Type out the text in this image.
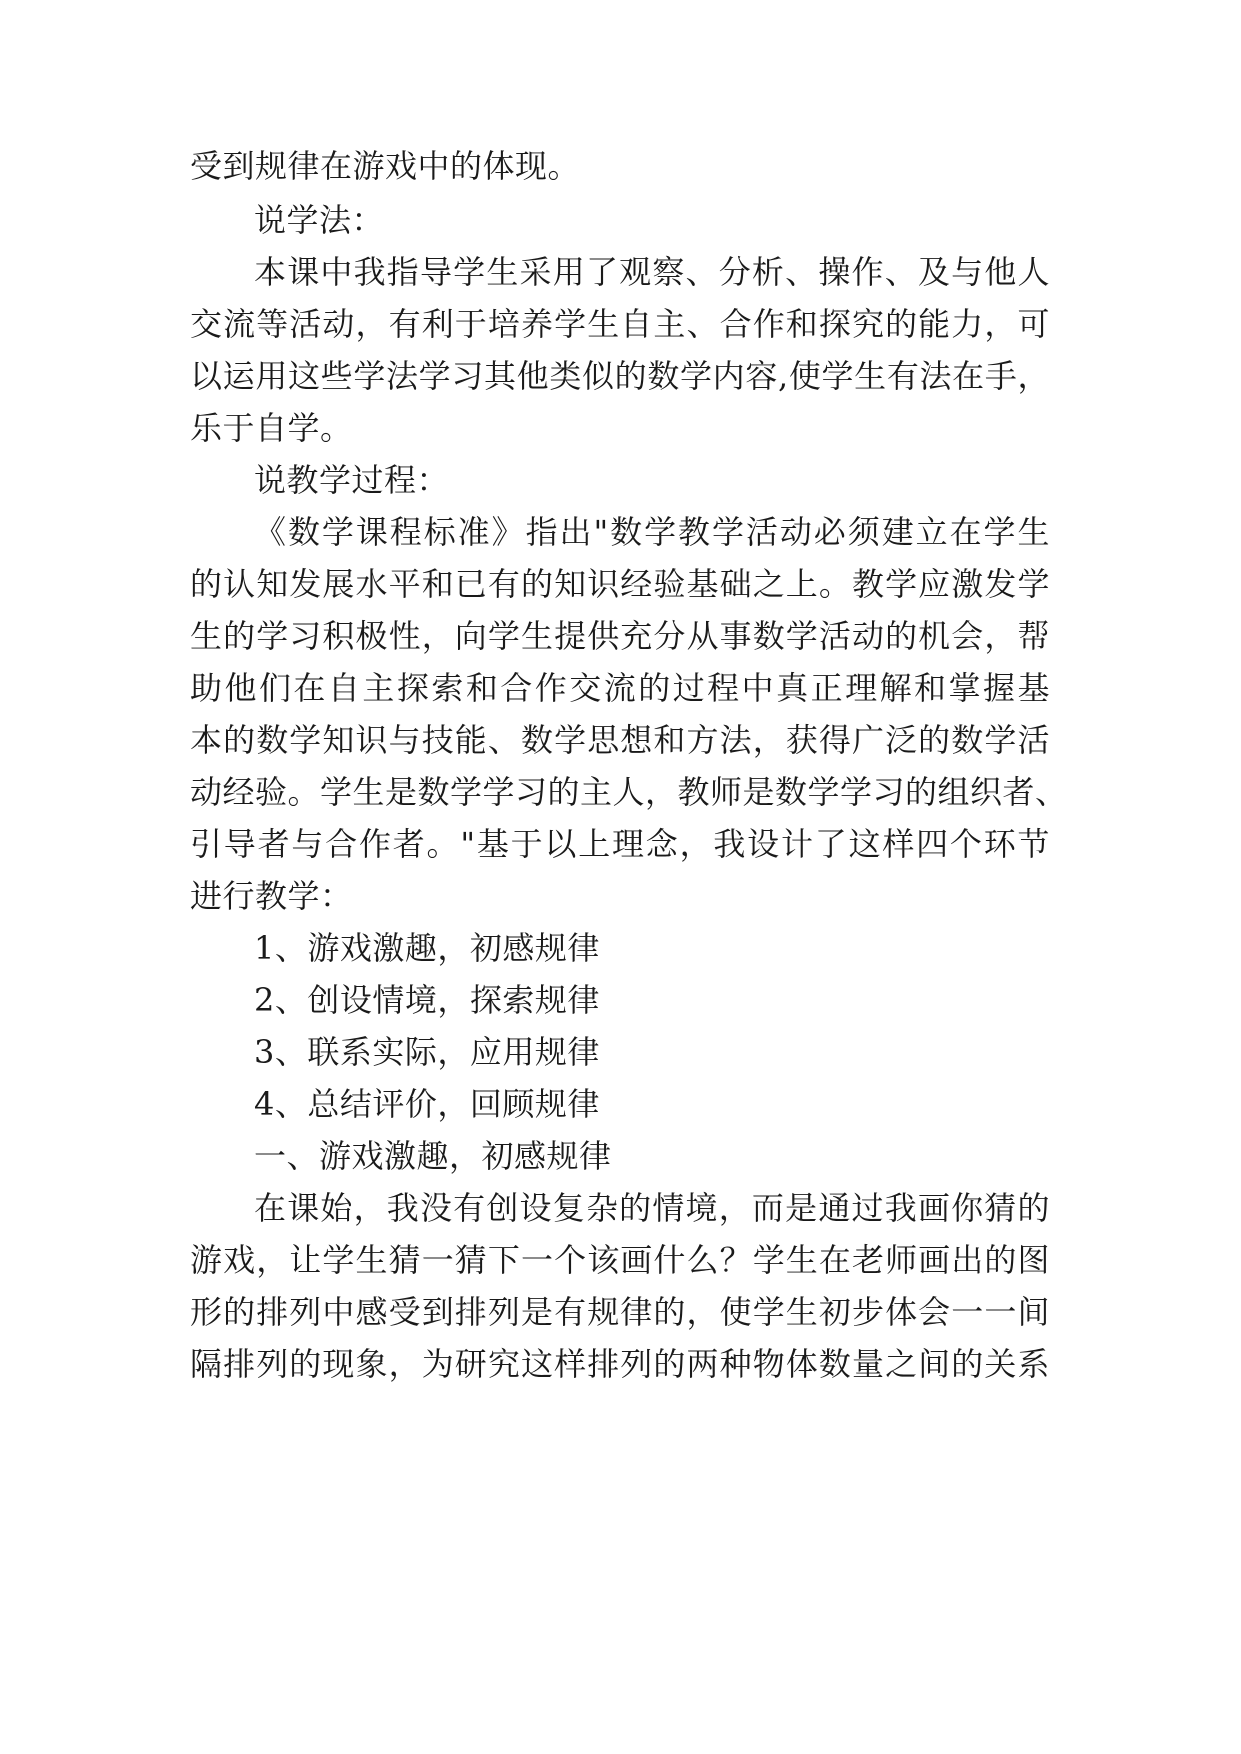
受到规律在游戏中的体现。
说学法：
本课中我指导学生采用了观察、分析、操作、及与他人
交流等活动，有利于培养学生自主、合作和探究的能力，可
以运用这些学法学习其他类似的数学内容,使学生有法在手，
乐于自学。
说教学过程：
《数学课程标准》指出"数学教学活动必须建立在学生
的认知发展水平和已有的知识经验基础之上。教学应激发学
生的学习积极性，向学生提供充分从事数学活动的机会，帮
助他们在自主探索和合作交流的过程中真正理解和掌握基
本的数学知识与技能、数学思想和方法，获得广泛的数学活
动经验。学生是数学学习的主人，教师是数学学习的组织者、
引导者与合作者。"基于以上理念，我设计了这样四个环节
进行教学：
1、游戏激趣，初感规律
2、创设情境，探索规律
3、联系实际，应用规律
4、总结评价，回顾规律
一、游戏激趣，初感规律
在课始，我没有创设复杂的情境，而是通过我画你猜的
游戏，让学生猜一猜下一个该画什么？学生在老师画出的图
形的排列中感受到排列是有规律的，使学生初步体会一一间
隔排列的现象，为研究这样排列的两种物体数量之间的关系
